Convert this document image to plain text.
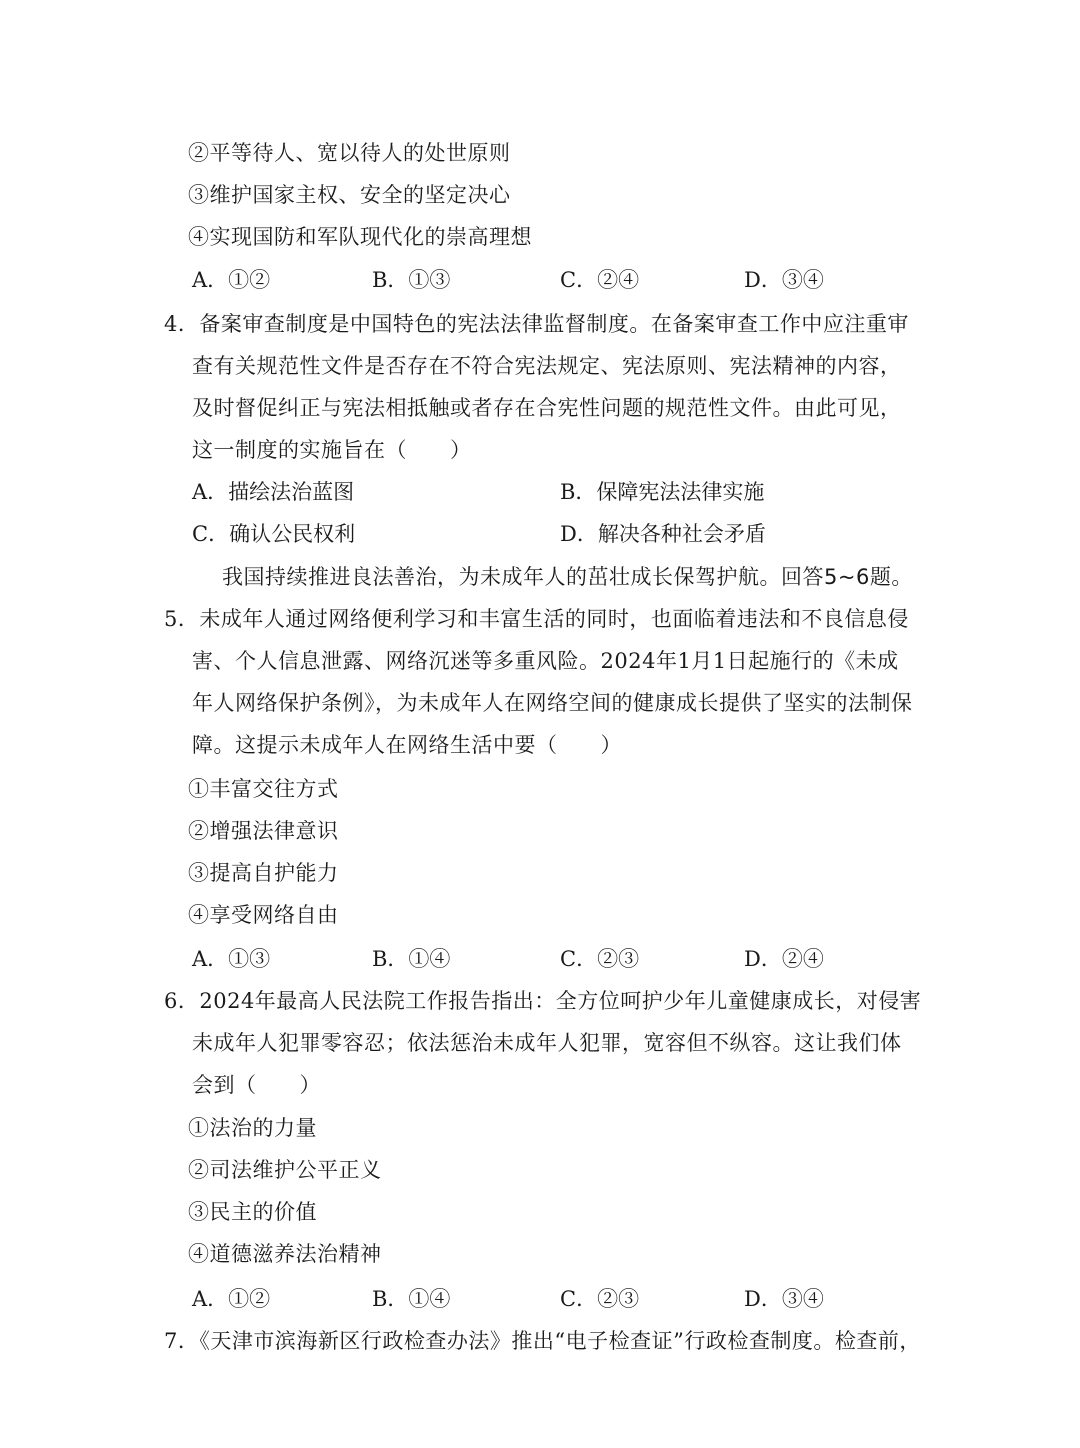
②平等待人、宽以待人的处世原则
③维护国家主权、安全的坚定决心
④实现国防和军队现代化的崇高理想
A．①②	B．①③	C．②④	D．③④
4．备案审查制度是中国特色的宪法法律监督制度。在备案审查工作中应注重审
查有关规范性文件是否存在不符合宪法规定、宪法原则、宪法精神的内容，
及时督促纠正与宪法相抵触或者存在合宪性问题的规范性文件。由此可见，
这一制度的实施旨在（　　）
A．描绘法治蓝图	B．保障宪法法律实施
C．确认公民权利	D．解决各种社会矛盾
我国持续推进良法善治，为未成年人的茁壮成长保驾护航。回答5~6题。
5．未成年人通过网络便利学习和丰富生活的同时，也面临着违法和不良信息侵
害、个人信息泄露、网络沉迷等多重风险。2024年1月1日起施行的《未成
年人网络保护条例》，为未成年人在网络空间的健康成长提供了坚实的法制保
障。这提示未成年人在网络生活中要（　　）
①丰富交往方式
②增强法律意识
③提高自护能力
④享受网络自由
A．①③	B．①④	C．②③	D．②④
6．2024年最高人民法院工作报告指出：全方位呵护少年儿童健康成长，对侵害
未成年人犯罪零容忍；依法惩治未成年人犯罪，宽容但不纵容。这让我们体
会到（　　）
①法治的力量
②司法维护公平正义
③民主的价值
④道德滋养法治精神
A．①②	B．①④	C．②③	D．③④
7．《天津市滨海新区行政检查办法》推出“电子检查证”行政检查制度。检查前，
